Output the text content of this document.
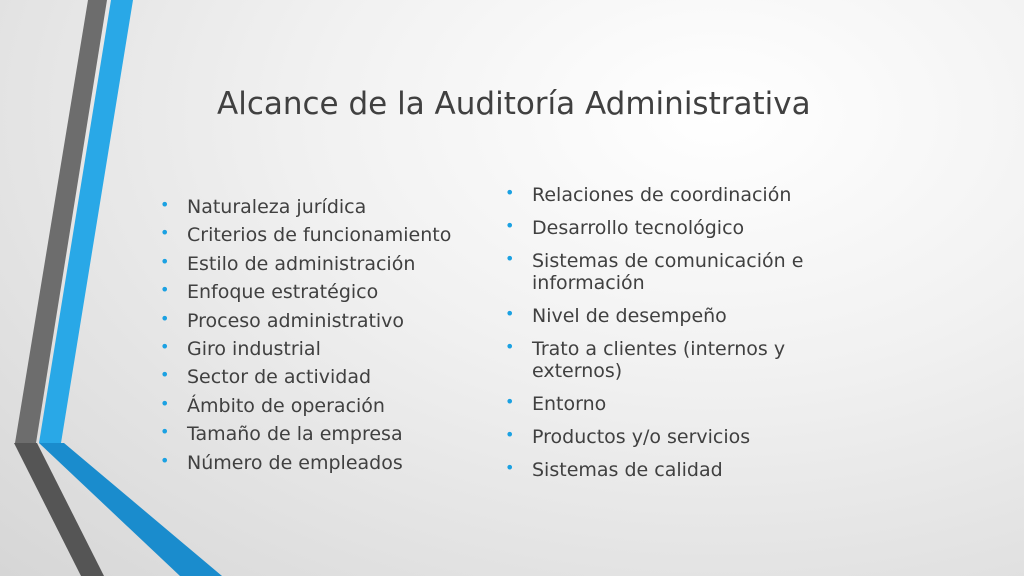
Alcance de la Auditoría Administrativa
• Naturaleza jurídica
• Criterios de funcionamiento
• Estilo de administración
• Enfoque estratégico
• Proceso administrativo
• Giro industrial
• Sector de actividad
• Ámbito de operación
• Tamaño de la empresa
• Número de empleados
• Relaciones de coordinación
• Desarrollo tecnológico
• Sistemas de comunicación e información
• Nivel de desempeño
• Trato a clientes (internos y externos)
• Entorno
• Productos y/o servicios
• Sistemas de calidad
